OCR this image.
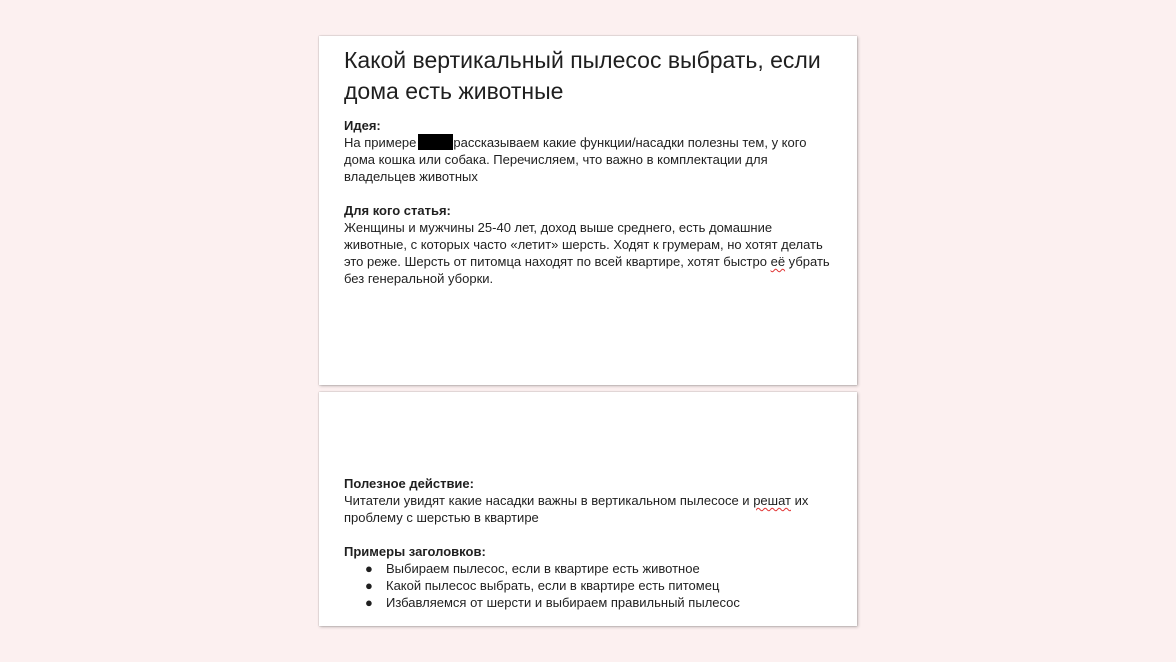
Какой вертикальный пылесос выбрать, если дома есть животные
Идея:
На примере	рассказываем какие функции/насадки полезны тем, у кого дома кошка или собака. Перечисляем, что важно в комплектации для владельцев животных
Для кого статья:
Женщины и мужчины 25-40 лет, доход выше среднего, есть домашние животные, с которых часто «летит» шерсть. Ходят к грумерам, но хотят делать это реже. Шерсть от питомца находят по всей квартире, хотят быстро её убрать без генеральной уборки.
Полезное действие:
Читатели увидят какие насадки важны в вертикальном пылесосе и решат их проблему с шерстью в квартире
Примеры заголовков:
● Выбираем пылесос, если в квартире есть животное
● Какой пылесос выбрать, если в квартире есть питомец
● Избавляемся от шерсти и выбираем правильный пылесос
